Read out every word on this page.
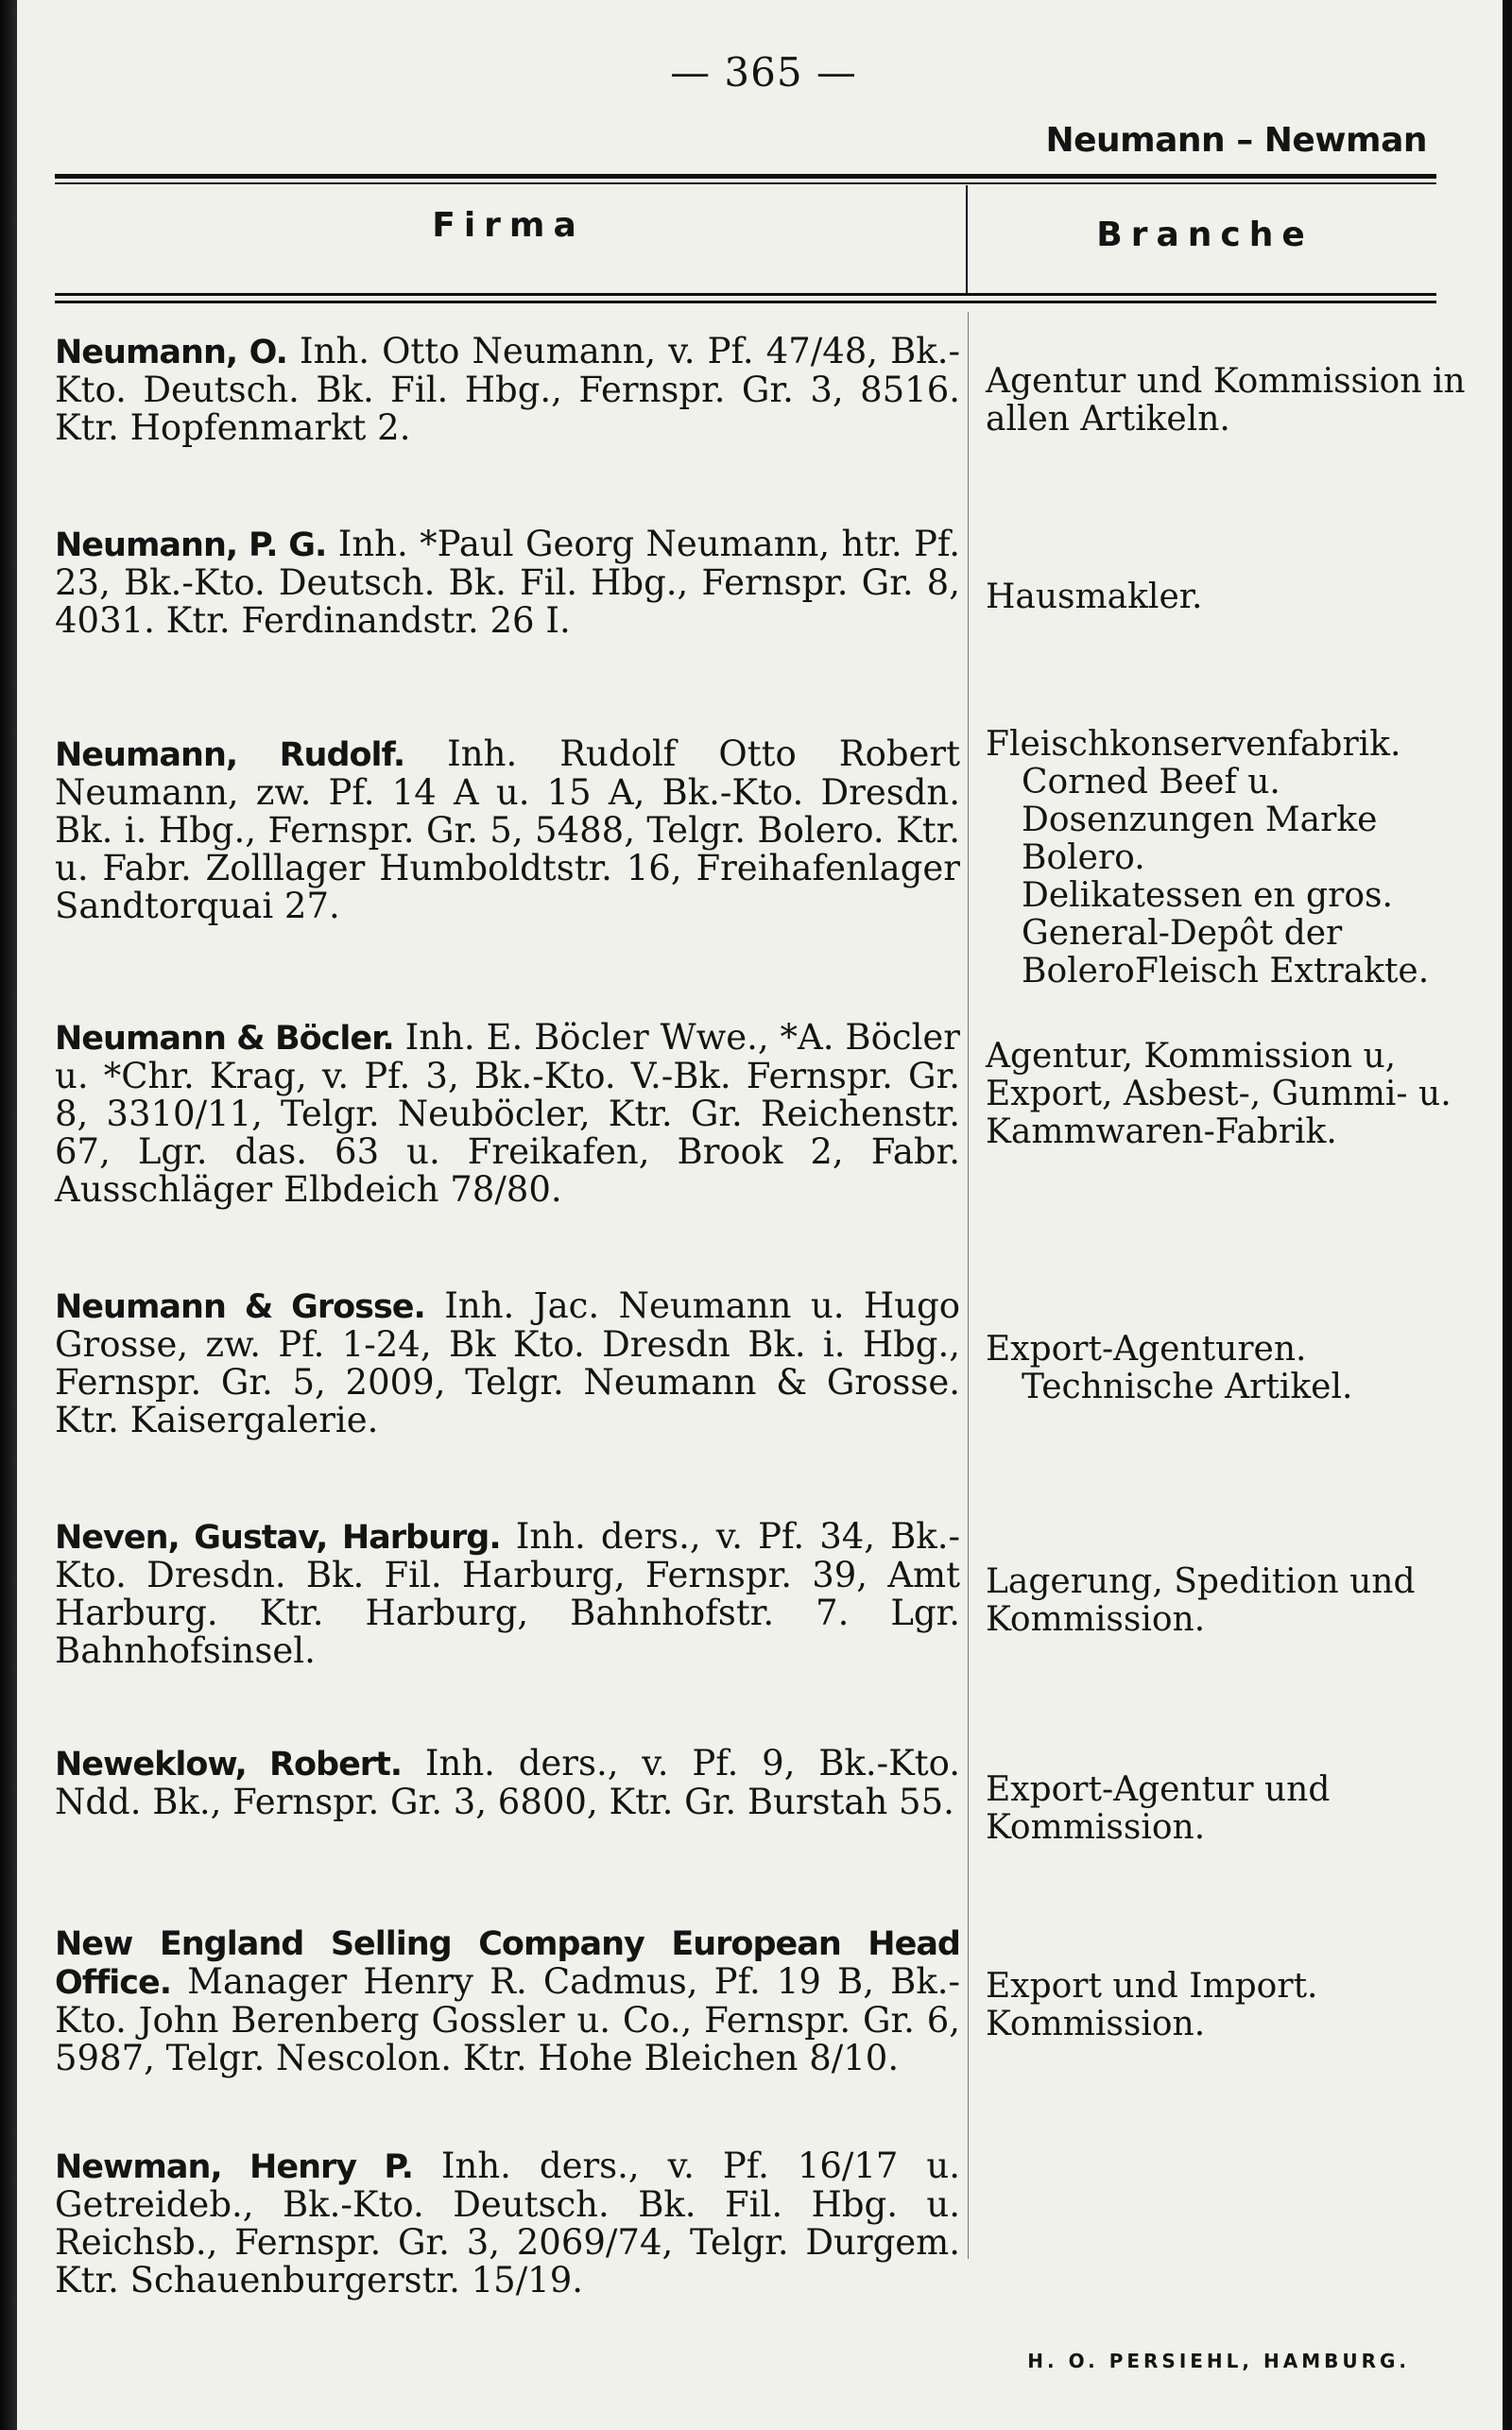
— 365 —
Neumann – Newman
Firma	Branche
Neumann, O. Inh. Otto Neumann, v. Pf. 47/48, Bk.-Kto. Deutsch. Bk. Fil. Hbg., Fernspr. Gr. 3, 8516. Ktr. Hopfenmarkt 2.
Agentur und Kommission in allen Artikeln.
Neumann, P. G. Inh. *Paul Georg Neumann, htr. Pf. 23, Bk.-Kto. Deutsch. Bk. Fil. Hbg., Fernspr. Gr. 8, 4031. Ktr. Ferdinandstr. 26 I.
Hausmakler.
Neumann, Rudolf. Inh. Rudolf Otto Robert Neumann, zw. Pf. 14 A u. 15 A, Bk.-Kto. Dresdn. Bk. i. Hbg., Fernspr. Gr. 5, 5488, Telgr. Bolero. Ktr. u. Fabr. Zolllager Humboldtstr. 16, Freihafenlager Sandtorquai 27.
Fleischkonservenfabrik.
Corned Beef u. Dosenzungen Marke Bolero.
Delikatessen en gros.
General-Depôt der BoleroFleisch Extrakte.
Neumann & Böcler. Inh. E. Böcler Wwe., *A. Böcler u. *Chr. Krag, v. Pf. 3, Bk.-Kto. V.-Bk. Fernspr. Gr. 8, 3310/11, Telgr. Neuböcler, Ktr. Gr. Reichenstr. 67, Lgr. das. 63 u. Freikafen, Brook 2, Fabr. Ausschläger Elbdeich 78/80.
Agentur, Kommission u, Export, Asbest-, Gummi- u. Kammwaren-Fabrik.
Neumann & Grosse. Inh. Jac. Neumann u. Hugo Grosse, zw. Pf. 1-24, Bk Kto. Dresdn Bk. i. Hbg., Fernspr. Gr. 5, 2009, Telgr. Neumann & Grosse. Ktr. Kaisergalerie.
Export-Agenturen.
Technische Artikel.
Neven, Gustav, Harburg. Inh. ders., v. Pf. 34, Bk.-Kto. Dresdn. Bk. Fil. Harburg, Fernspr. 39, Amt Harburg. Ktr. Harburg, Bahnhofstr. 7. Lgr. Bahnhofsinsel.
Lagerung, Spedition und Kommission.
Neweklow, Robert. Inh. ders., v. Pf. 9, Bk.-Kto. Ndd. Bk., Fernspr. Gr. 3, 6800, Ktr. Gr. Burstah 55. Export-Agentur und Kommission.
New England Selling Company European Head Office. Manager Henry R. Cadmus, Pf. 19 B, Bk.-Kto. John Berenberg Gossler u. Co., Fernspr. Gr. 6, 5987, Telgr. Nescolon. Ktr. Hohe Bleichen 8/10.
Export und Import. Kommission.
Newman, Henry P. Inh. ders., v. Pf. 16/17 u. Getreideb., Bk.-Kto. Deutsch. Bk. Fil. Hbg. u. Reichsb., Fernspr. Gr. 3, 2069/74, Telgr. Durgem. Ktr. Schauenburgerstr. 15/19.
H. O. PERSIEHL, HAMBURG.
